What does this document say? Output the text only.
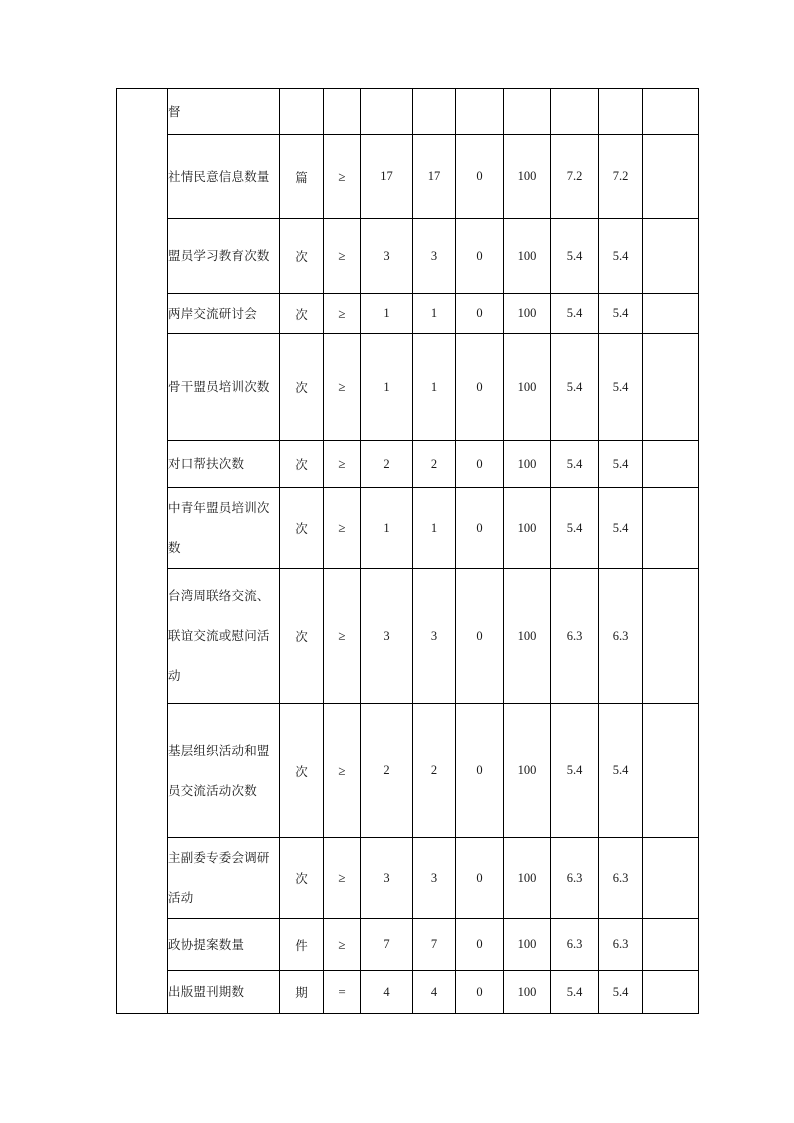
	督									
	社情民意信息数量	篇	≥	17	17	0	100	7.2	7.2	
	盟员学习教育次数	次	≥	3	3	0	100	5.4	5.4	
	两岸交流研讨会	次	≥	1	1	0	100	5.4	5.4	
	骨干盟员培训次数	次	≥	1	1	0	100	5.4	5.4	
	对口帮扶次数	次	≥	2	2	0	100	5.4	5.4	
	中青年盟员培训次数	次	≥	1	1	0	100	5.4	5.4	
	台湾周联络交流、联谊交流或慰问活动	次	≥	3	3	0	100	6.3	6.3	
	基层组织活动和盟员交流活动次数	次	≥	2	2	0	100	5.4	5.4	
	主副委专委会调研活动	次	≥	3	3	0	100	6.3	6.3	
	政协提案数量	件	≥	7	7	0	100	6.3	6.3	
	出版盟刊期数	期	=	4	4	0	100	5.4	5.4	
